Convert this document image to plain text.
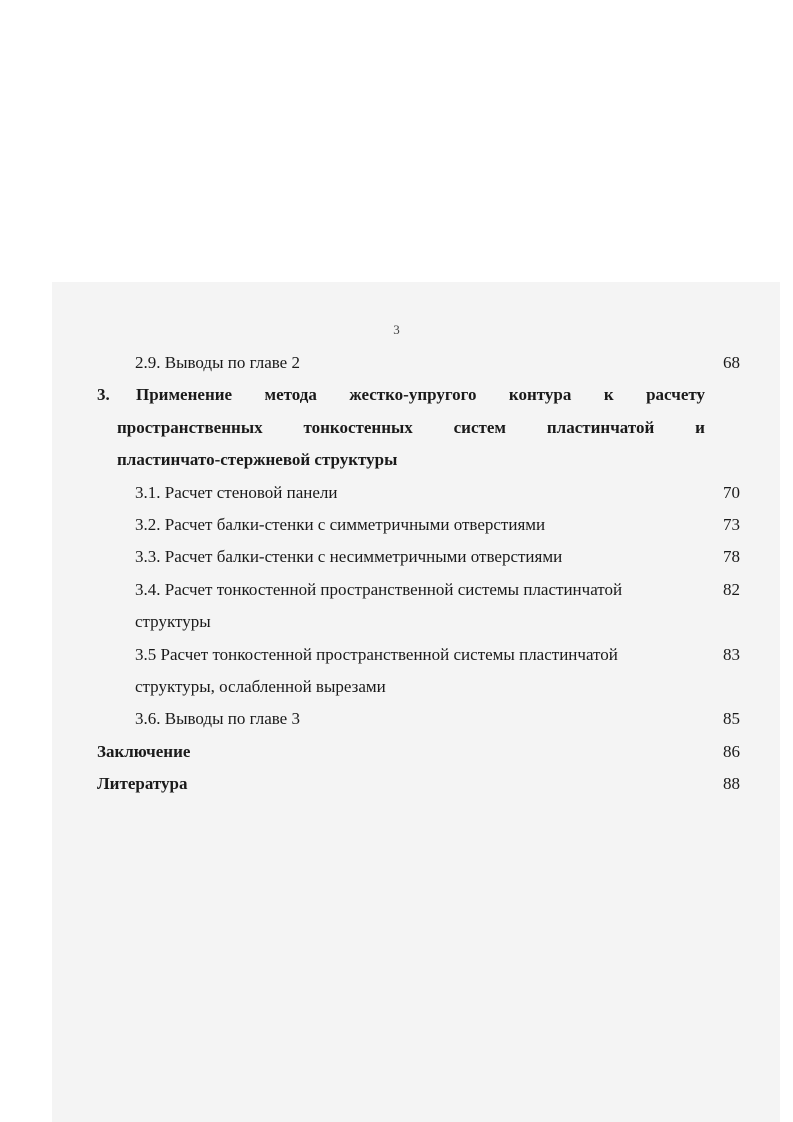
3
2.9. Выводы по главе 2	68
3. Применение метода жестко-упругого контура к расчету
пространственных тонкостенных систем пластинчатой и
пластинчато-стержневой структуры
3.1. Расчет стеновой панели	70
3.2. Расчет балки-стенки с симметричными отверстиями	73
3.3. Расчет балки-стенки с несимметричными отверстиями	78
3.4. Расчет тонкостенной пространственной системы пластинчатой	82
структуры
3.5 Расчет тонкостенной пространственной системы пластинчатой	83
структуры, ослабленной вырезами
3.6. Выводы по главе 3	85
Заключение	86
Литература	88
